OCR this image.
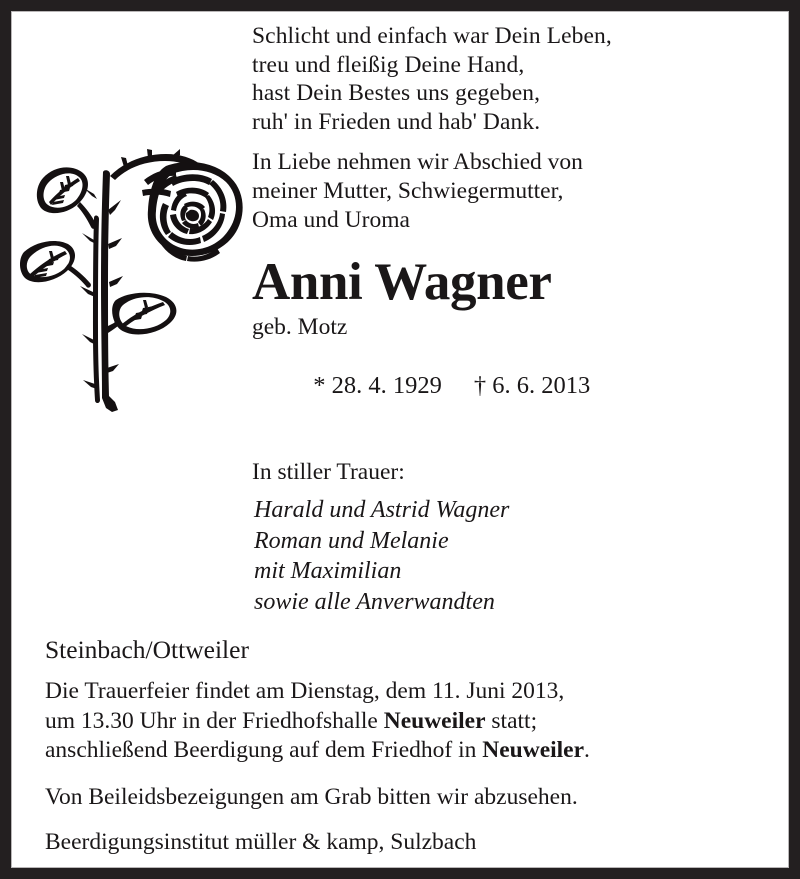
Schlicht und einfach war Dein Leben,
treu und fleißig Deine Hand,
hast Dein Bestes uns gegeben,
ruh' in Frieden und hab' Dank.
In Liebe nehmen wir Abschied von
meiner Mutter, Schwiegermutter,
Oma und Uroma
Anni Wagner
geb. Motz

* 28. 4. 1929 † 6. 6. 2013

In stiller Trauer:
Harald und Astrid Wagner
Roman und Melanie
mit Maximilian
sowie alle Anverwandten
Steinbach/Ottweiler
Die Trauerfeier findet am Dienstag, dem 11. Juni 2013,
um 13.30 Uhr in der Friedhofshalle Neuweiler statt;
anschließend Beerdigung auf dem Friedhof in Neuweiler.
Von Beileidsbezeigungen am Grab bitten wir abzusehen.
Beerdigungsinstitut müller & kamp, Sulzbach
